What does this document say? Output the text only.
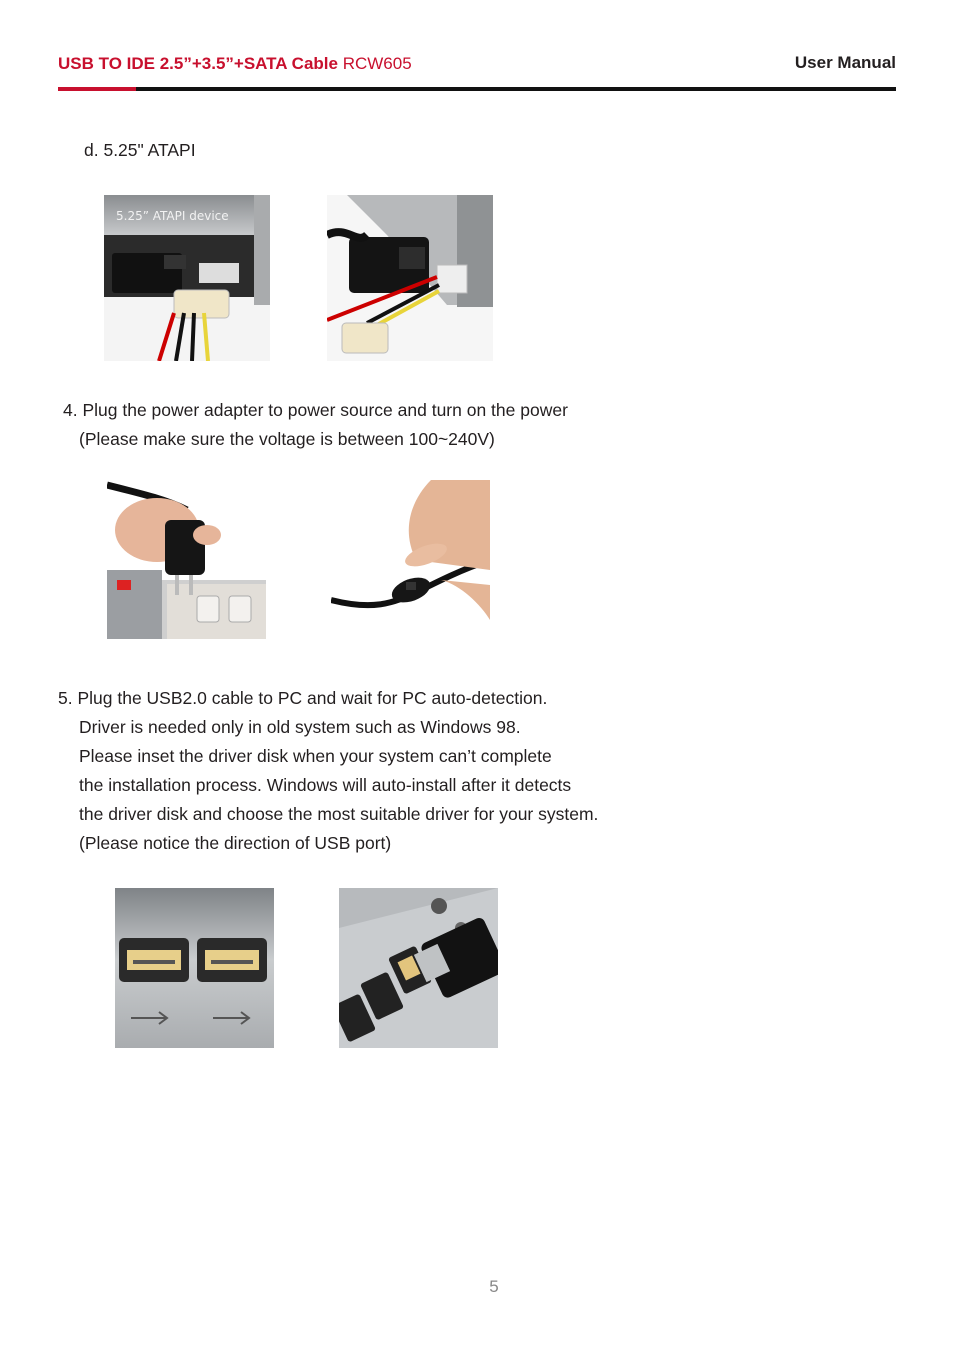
USB TO IDE 2.5”+3.5”+SATA Cable RCW605	User Manual
d. 5.25" ATAPI
5.25” ATAPI device
4. Plug the power adapter to power source and turn on the power
(Please make sure the voltage is between 100~240V)
5. Plug the USB2.0 cable to PC and wait for PC auto-detection.
Driver is needed only in old system such as Windows 98.
Please inset the driver disk when your system can’t complete
the installation process. Windows will auto-install after it detects
the driver disk and choose the most suitable driver for your system.
(Please notice the direction of USB port)
5
